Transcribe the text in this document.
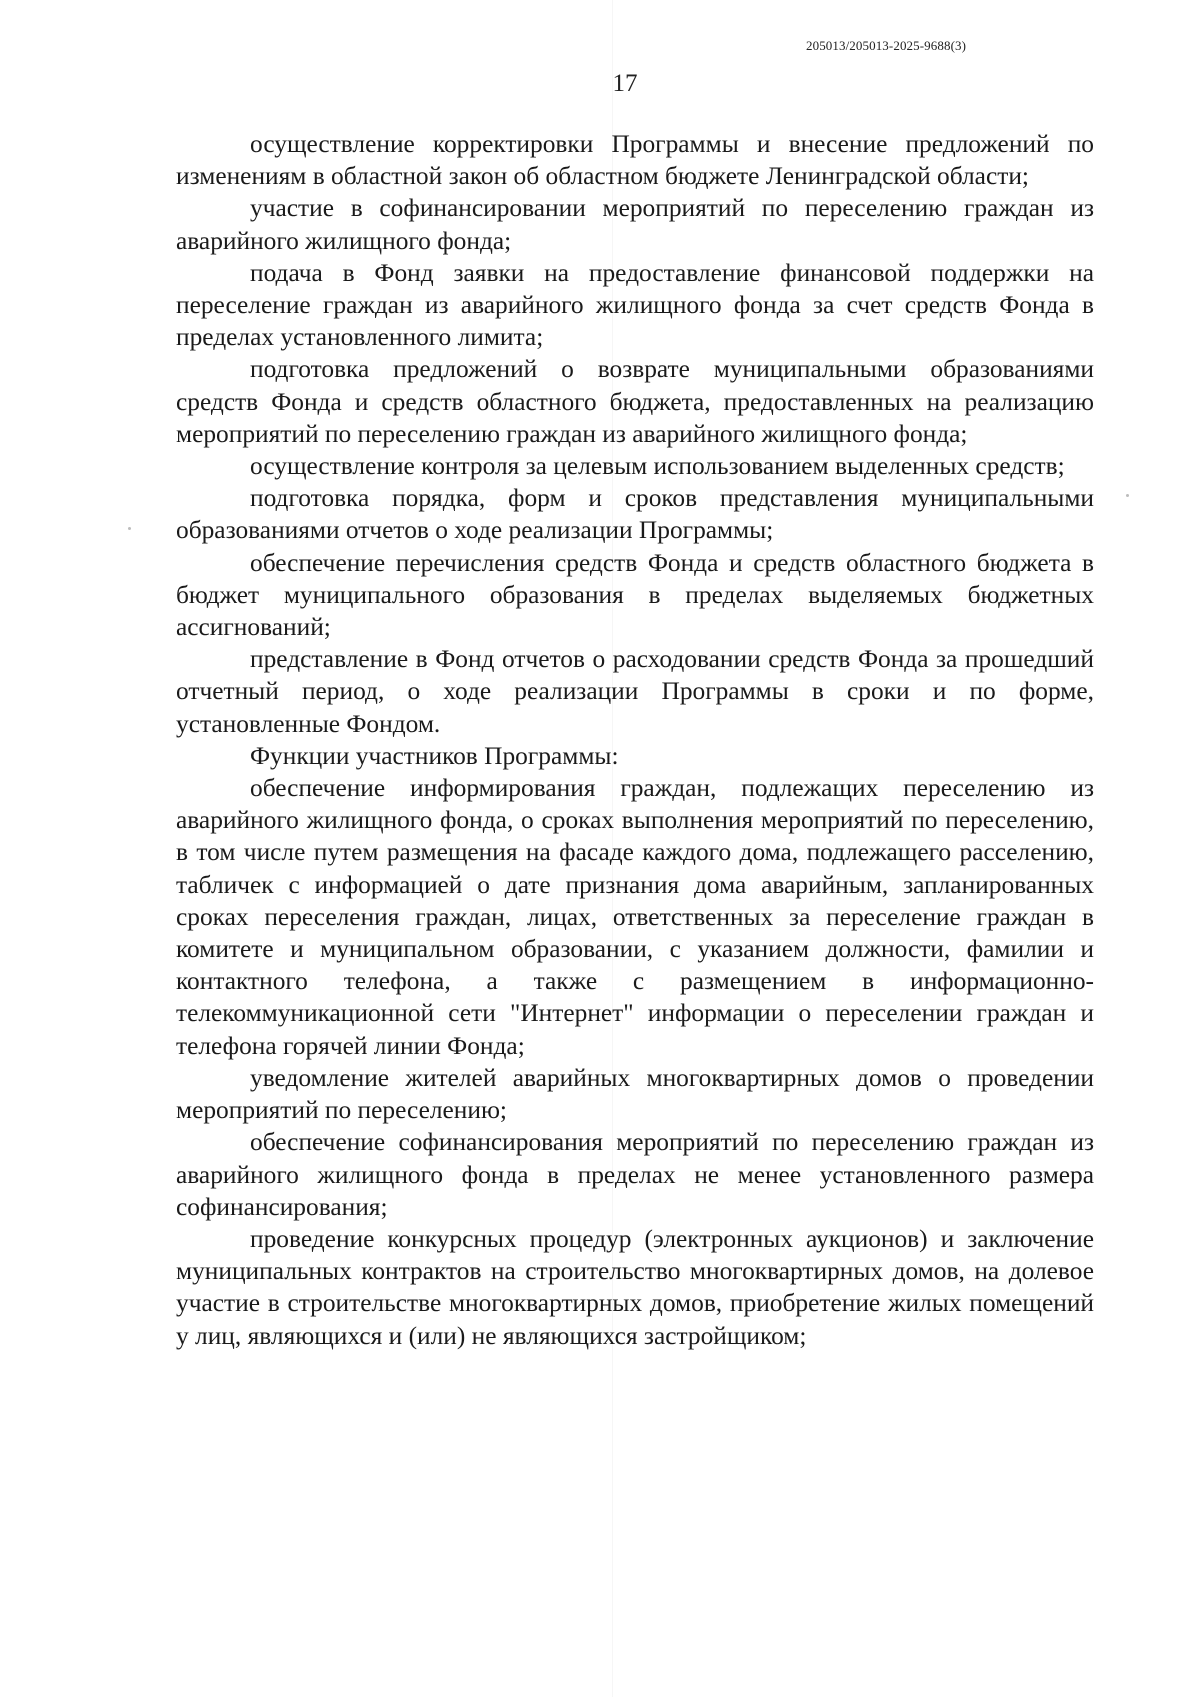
205013/205013-2025-9688(3)
17

осуществление корректировки Программы и внесение предложений по изменениям в областной закон об областном бюджете Ленинградской области;

участие в софинансировании мероприятий по переселению граждан из аварийного жилищного фонда;

подача в Фонд заявки на предоставление финансовой поддержки на переселение граждан из аварийного жилищного фонда за счет средств Фонда в пределах установленного лимита;

подготовка предложений о возврате муниципальными образованиями средств Фонда и средств областного бюджета, предоставленных на реализацию мероприятий по переселению граждан из аварийного жилищного фонда;

осуществление контроля за целевым использованием выделенных средств;

подготовка порядка, форм и сроков представления муниципальными образованиями отчетов о ходе реализации Программы;

обеспечение перечисления средств Фонда и средств областного бюджета в бюджет муниципального образования в пределах выделяемых бюджетных ассигнований;

представление в Фонд отчетов о расходовании средств Фонда за прошедший отчетный период, о ходе реализации Программы в сроки и по форме, установленные Фондом.

Функции участников Программы:

обеспечение информирования граждан, подлежащих переселению из аварийного жилищного фонда, о сроках выполнения мероприятий по переселению, в том числе путем размещения на фасаде каждого дома, подлежащего расселению, табличек с информацией о дате признания дома аварийным, запланированных сроках переселения граждан, лицах, ответственных за переселение граждан в комитете и муниципальном образовании, с указанием должности, фамилии и контактного телефона, а также с размещением в информационно-телекоммуникационной сети "Интернет" информации о переселении граждан и телефона горячей линии Фонда;

уведомление жителей аварийных многоквартирных домов о проведении мероприятий по переселению;

обеспечение софинансирования мероприятий по переселению граждан из аварийного жилищного фонда в пределах не менее установленного размера софинансирования;

проведение конкурсных процедур (электронных аукционов) и заключение муниципальных контрактов на строительство многоквартирных домов, на долевое участие в строительстве многоквартирных домов, приобретение жилых помещений у лиц, являющихся и (или) не являющихся застройщиком;
